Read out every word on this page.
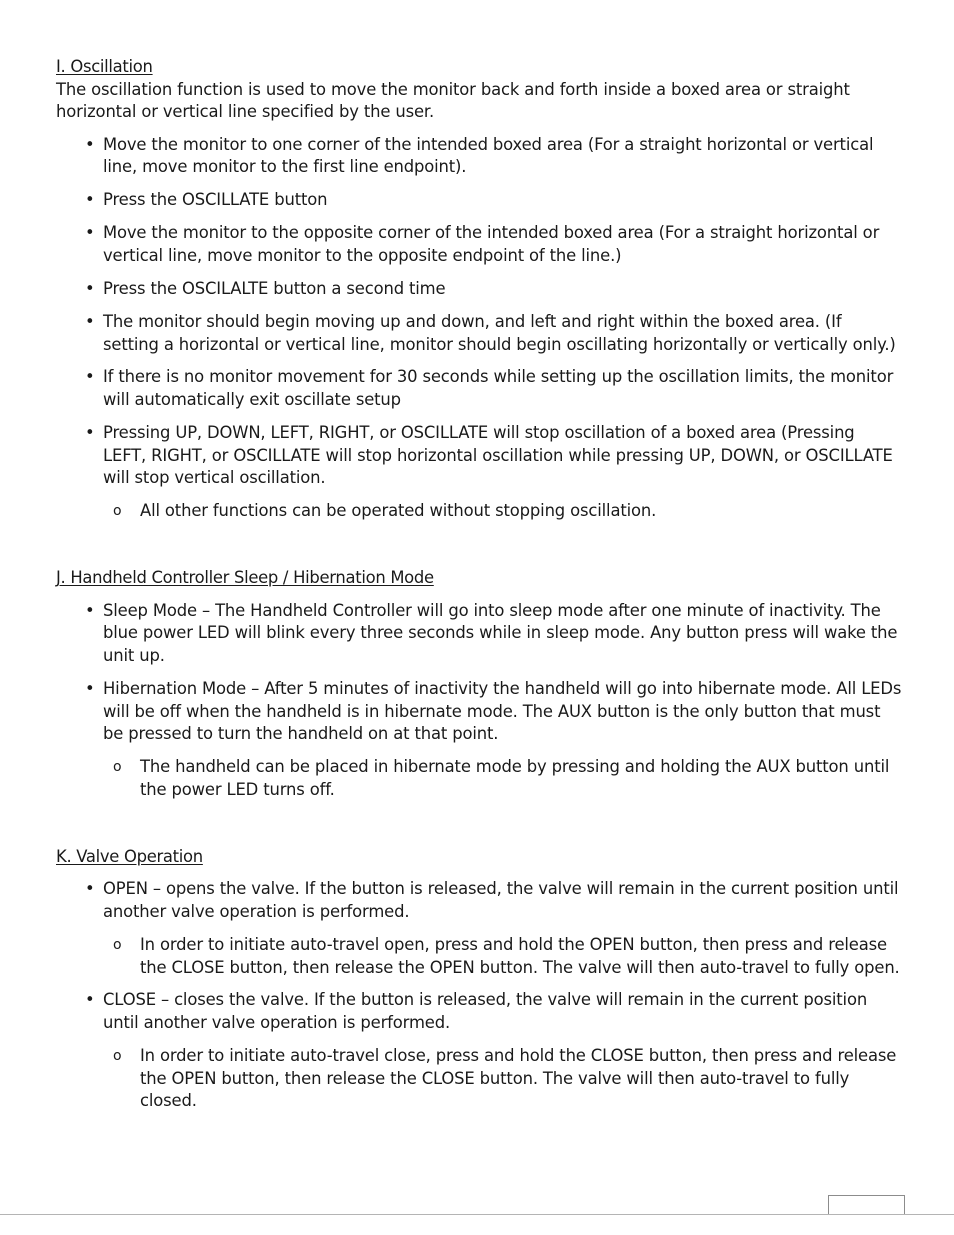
I. Oscillation

The oscillation function is used to move the monitor back and forth inside a boxed area or straight horizontal or vertical line specified by the user.

• Move the monitor to one corner of the intended boxed area (For a straight horizontal or vertical line, move monitor to the first line endpoint).
• Press the OSCILLATE button
• Move the monitor to the opposite corner of the intended boxed area (For a straight horizontal or vertical line, move monitor to the opposite endpoint of the line.)
• Press the OSCILALTE button a second time
• The monitor should begin moving up and down, and left and right within the boxed area. (If setting a horizontal or vertical line, monitor should begin oscillating horizontally or vertically only.)
• If there is no monitor movement for 30 seconds while setting up the oscillation limits, the monitor will automatically exit oscillate setup
• Pressing UP, DOWN, LEFT, RIGHT, or OSCILLATE will stop oscillation of a boxed area (Pressing LEFT, RIGHT, or OSCILLATE will stop horizontal oscillation while pressing UP, DOWN, or OSCILLATE will stop vertical oscillation.
o All other functions can be operated without stopping oscillation.
J. Handheld Controller Sleep / Hibernation Mode
• Sleep Mode – The Handheld Controller will go into sleep mode after one minute of inactivity. The blue power LED will blink every three seconds while in sleep mode. Any button press will wake the unit up.
• Hibernation Mode – After 5 minutes of inactivity the handheld will go into hibernate mode. All LEDs will be off when the handheld is in hibernate mode. The AUX button is the only button that must be pressed to turn the handheld on at that point.
o The handheld can be placed in hibernate mode by pressing and holding the AUX button until the power LED turns off.
K. Valve Operation
• OPEN – opens the valve. If the button is released, the valve will remain in the current position until another valve operation is performed.
o In order to initiate auto-travel open, press and hold the OPEN button, then press and release the CLOSE button, then release the OPEN button. The valve will then auto-travel to fully open.
• CLOSE – closes the valve. If the button is released, the valve will remain in the current position until another valve operation is performed.
o In order to initiate auto-travel close, press and hold the CLOSE button, then press and release the OPEN button, then release the CLOSE button. The valve will then auto-travel to fully closed.
